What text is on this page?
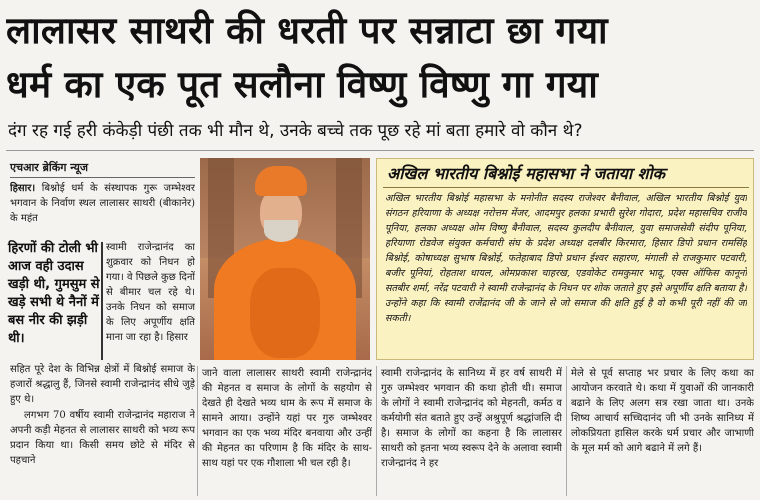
लालासर साथरी की धरती पर सन्नाटा छा गया
धर्म का एक पूत सलौना विष्णु विष्णु गा गया
दंग रह गई हरी कंकेड़ी पंछी तक भी मौन थे, उनके बच्चे तक पूछ रहे मां बता हमारे वो कौन थे?
एचआर ब्रेकिंग न्यूज
हिसार। बिश्नोई धर्म के संस्थापक गुरू जम्भेश्वर भगवान के निर्वाण स्थल लालासर साथरी (बीकानेर) के महंत
हिरणों की टोली भी आज वही उदास खड़ी थी, गुमसुम से खड़े सभी थे नैनों में बस नीर की झड़ी थी।
स्वामी राजेन्द्रानंद का शुक्रवार को निधन हो गया। वे पिछले कुछ दिनों से बीमार चल रहे थे। उनके निधन को समाज के लिए अपूर्णीय क्षति माना जा रहा है। हिसार
सहित पूरे देश के विभिन्न क्षेत्रों में बिश्नोई समाज के हजारों श्रद्धालु हैं, जिनसे स्वामी राजेन्द्रानंद सीधे जुड़े हुए थे।
लगभग 70 वर्षीय स्वामी राजेन्द्रानंद महाराज ने अपनी कड़ी मेहनत से लालासर साथरी को भव्य रूप प्रदान किया था। किसी समय छोटे से मंदिर से पहचाने
अखिल भारतीय बिश्नोई महासभा ने जताया शोक
अखिल भारतीय बिश्नोई महासभा के मनोनीत सदस्य राजेश्वर बैनीवाल, अखिल भारतीय बिश्नोई युवा संगठन हरियाणा के अध्यक्ष नरोत्तम मेंजर, आदमपुर हलका प्रभारी सुरेश गोदारा, प्रदेश महासचिव राजीव पूनिया, हलका अध्यक्ष ओम विष्णु बैनीवाल, सदस्य कुलदीप बैनीवाल, युवा समाजसेवी संदीप पूनिया, हरियाणा रोडवेज संयुक्त कर्मचारी संघ के प्रदेश अध्यक्ष दलबीर किरमारा, हिसार डिपो प्रधान रामसिंह बिश्नोई, कोषाध्यक्ष सुभाष बिश्नोई, फतेहाबाद डिपो प्रधान ईश्वर सहारण, मंगाली से राजकुमार पटवारी, बजीर पूनियां, रोहताश धायल, ओमप्रकाश चाहरख, एडवोकेट रामकुमार भादू, एक्स ऑफिस कानूनो सतबीर शर्मा, नरेंद्र पटवारी ने स्वामी राजेन्द्रानंद के निधन पर शोक जताते हुए इसे अपूर्णीय क्षति बताया है। उन्होंने कहा कि स्वामी राजेंद्रानंद जी के जाने से जो समाज की क्षति हुई है वो कभी पूरी नहीं की जा सकती।
जाने वाला लालासर साथरी स्वामी राजेन्द्रानंद की मेहनत व समाज के लोगों के सहयोग से देखते ही देखते भव्य धाम के रूप में समाज के सामने आया। उन्होंने यहां पर गुरु जम्भेश्वर भगवान का एक भव्य मंदिर बनवाया और उन्हीं की मेहनत का परिणाम है कि मंदिर के साथ-साथ यहां पर एक गौशाला भी चल रही है।
स्वामी राजेन्द्रानंद के सानिध्य में हर वर्ष साथरी में गुरु जम्भेश्वर भगवान की कथा होती थी। समाज के लोगों ने स्वामी राजेन्द्रानंद को मेहनती, कर्मठ व कर्मयोगी संत बताते हुए उन्हें अश्रुपूर्ण श्रद्धांजलि दी है। समाज के लोगों का कहना है कि लालासर साथरी को इतना भव्य स्वरूप देने के अलावा स्वामी राजेन्द्रानंद ने हर
मेले से पूर्व सप्ताह भर प्रचार के लिए कथा का आयोजन करवाते थे। कथा में युवाओं की जानकारी बढाने के लिए अलग सत्र रखा जाता था। उनके शिष्य आचार्य सच्चिदानंद जी भी उनके सानिध्य में लोकप्रियता हासिल करके धर्म प्रचार और जाभाणी के मूल मर्म को आगे बढाने में लगे हैं।
